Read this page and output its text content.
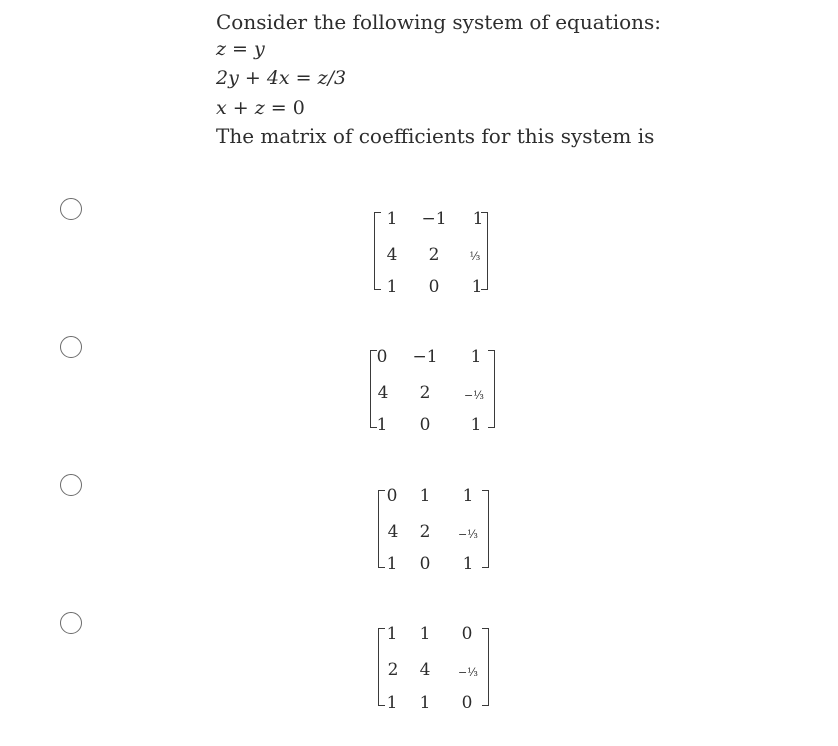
Consider the following system of equations:
z = y
2y + 4x = z/3
x + z = 0
The matrix of coefficients for this system is
1 −1 1
4 2	⅓
1 0 1
0 −1 1
4 2	−⅓
1 0 1
0 1 1
4 2	−⅓
1 0 1
1 1 0
2 4	−⅓
1 1 0
